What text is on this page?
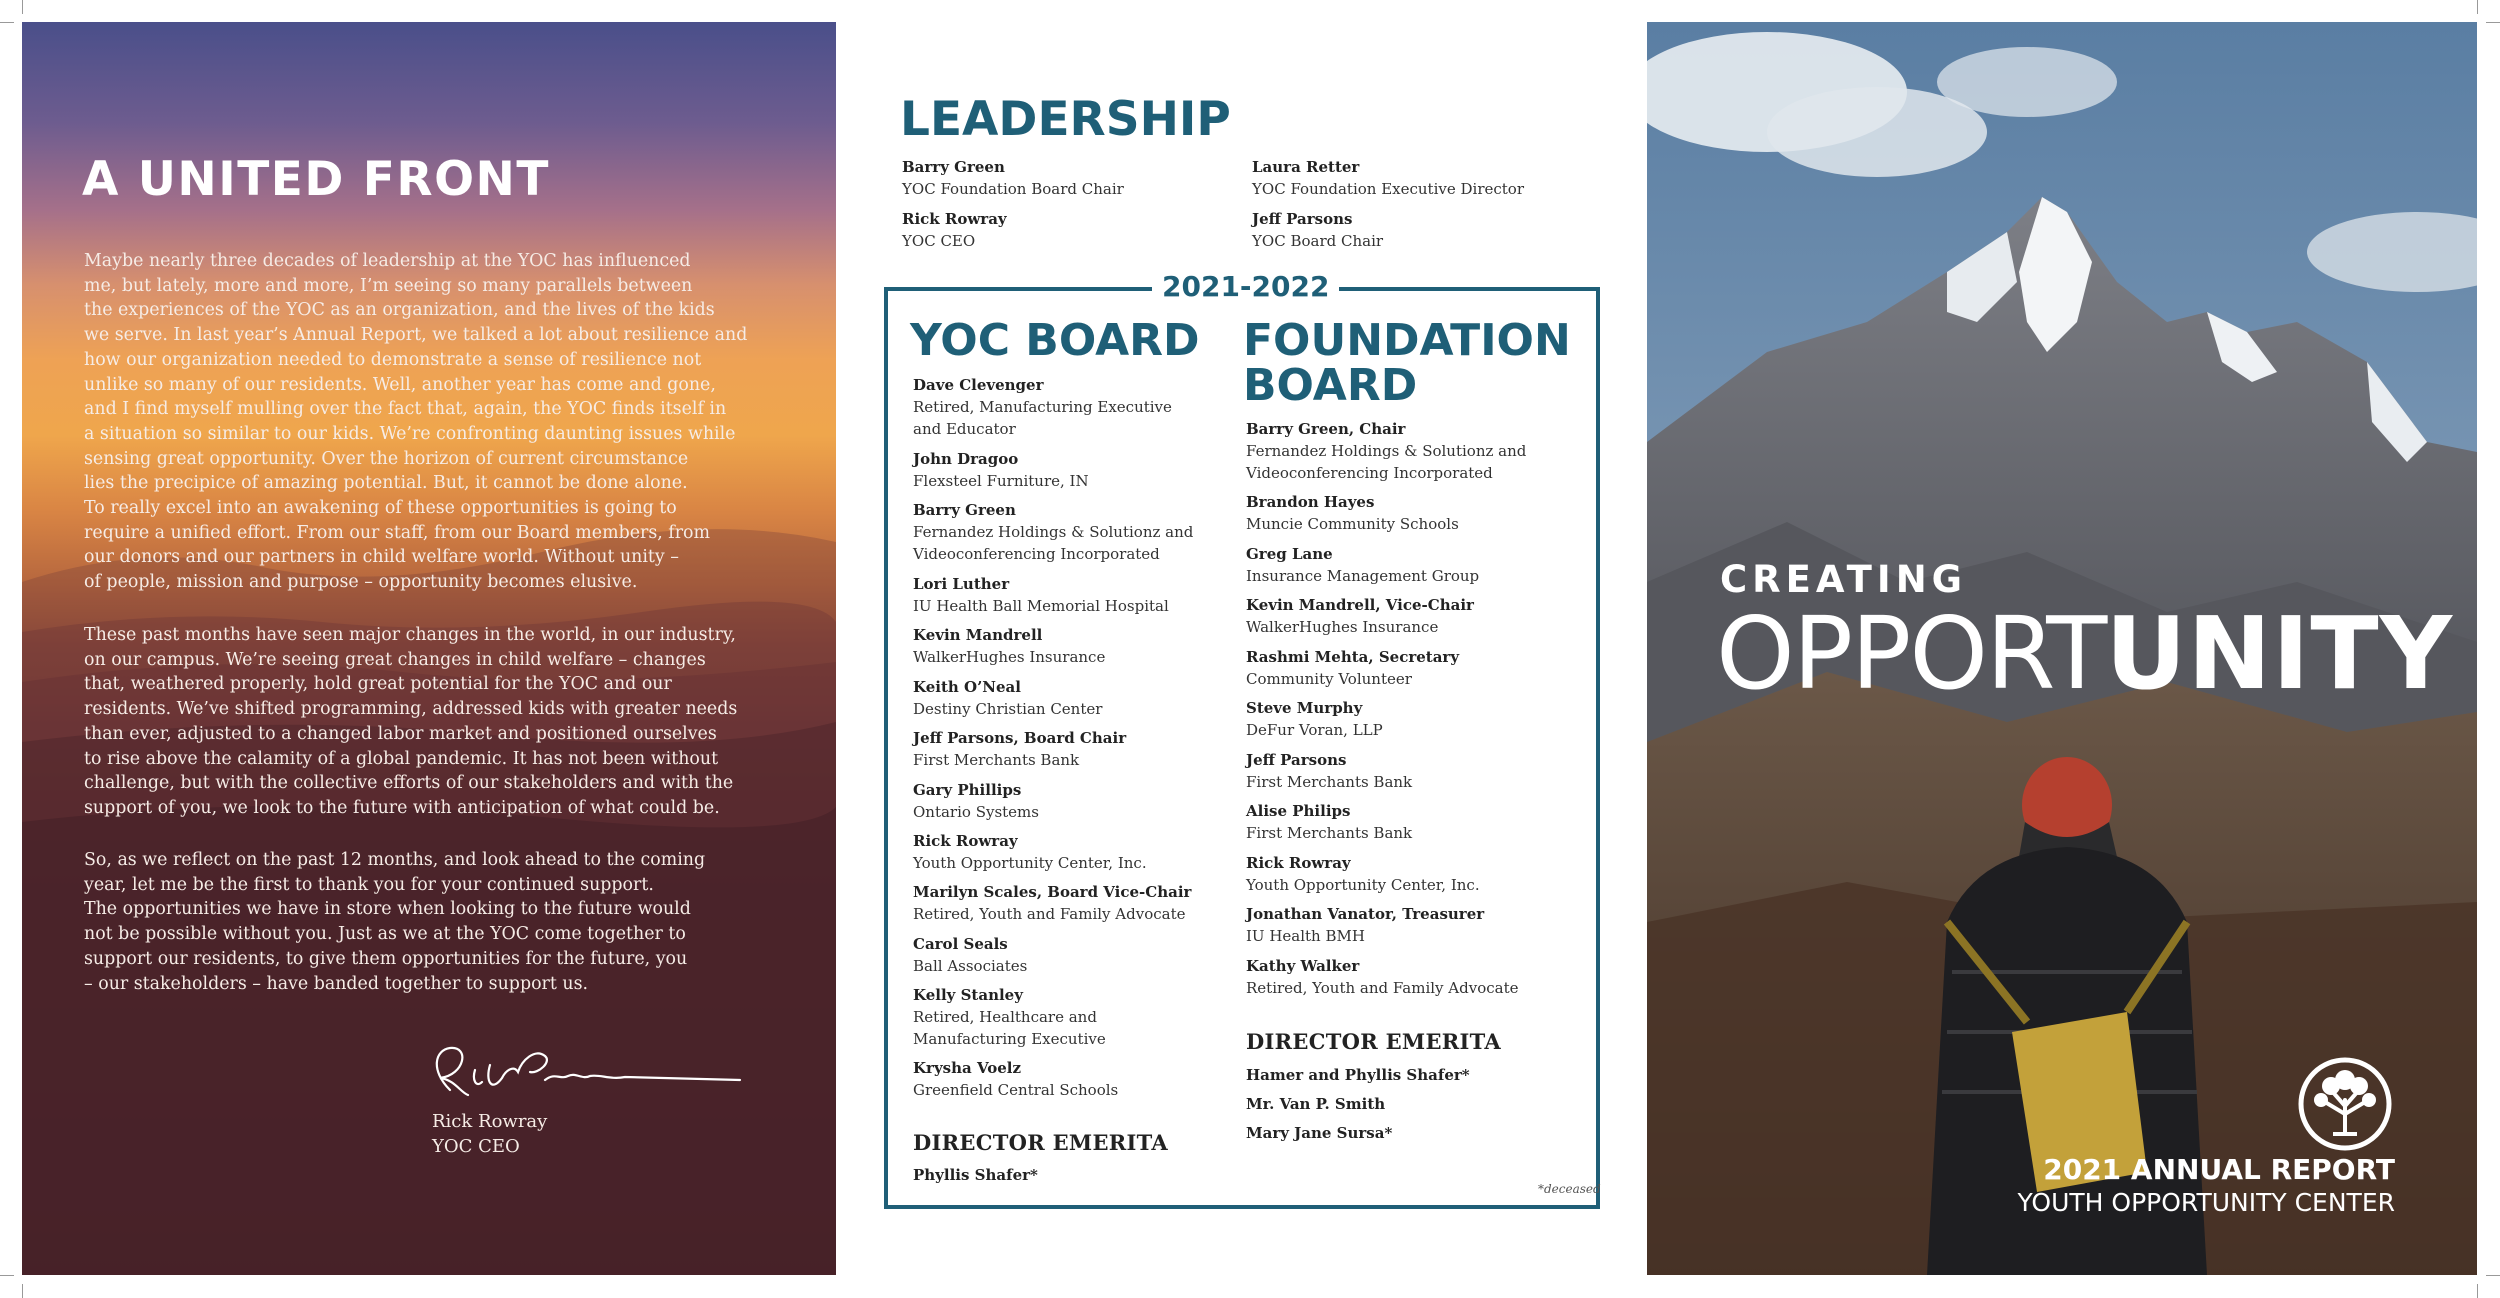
A UNITED FRONT

Maybe nearly three decades of leadership at the YOC has influenced
me, but lately, more and more, I’m seeing so many parallels between
the experiences of the YOC as an organization, and the lives of the kids
we serve. In last year’s Annual Report, we talked a lot about resilience and
how our organization needed to demonstrate a sense of resilience not
unlike so many of our residents. Well, another year has come and gone,
and I find myself mulling over the fact that, again, the YOC finds itself in
a situation so similar to our kids. We’re confronting daunting issues while
sensing great opportunity. Over the horizon of current circumstance
lies the precipice of amazing potential. But, it cannot be done alone.
To really excel into an awakening of these opportunities is going to
require a unified effort. From our staff, from our Board members, from
our donors and our partners in child welfare world. Without unity –
of people, mission and purpose – opportunity becomes elusive.

These past months have seen major changes in the world, in our industry,
on our campus. We’re seeing great changes in child welfare – changes
that, weathered properly, hold great potential for the YOC and our
residents. We’ve shifted programming, addressed kids with greater needs
than ever, adjusted to a changed labor market and positioned ourselves
to rise above the calamity of a global pandemic. It has not been without
challenge, but with the collective efforts of our stakeholders and with the
support of you, we look to the future with anticipation of what could be.

So, as we reflect on the past 12 months, and look ahead to the coming
year, let me be the first to thank you for your continued support.
The opportunities we have in store when looking to the future would
not be possible without you. Just as we at the YOC come together to
support our residents, to give them opportunities for the future, you
– our stakeholders – have banded together to support us.

Rick Rowray
YOC CEO
LEADERSHIP
Barry Green
YOC Foundation Board Chair
Rick Rowray
YOC CEO
Laura Retter
YOC Foundation Executive Director
Jeff Parsons
YOC Board Chair
2021-2022
YOC BOARD
Dave Clevenger
Retired, Manufacturing Executive
and Educator
John Dragoo
Flexsteel Furniture, IN
Barry Green
Fernandez Holdings & Solutionz and
Videoconferencing Incorporated
Lori Luther
IU Health Ball Memorial Hospital
Kevin Mandrell
WalkerHughes Insurance
Keith O’Neal
Destiny Christian Center
Jeff Parsons, Board Chair
First Merchants Bank
Gary Phillips
Ontario Systems
Rick Rowray
Youth Opportunity Center, Inc.
Marilyn Scales, Board Vice-Chair
Retired, Youth and Family Advocate
Carol Seals
Ball Associates
Kelly Stanley
Retired, Healthcare and
Manufacturing Executive
Krysha Voelz
Greenfield Central Schools
DIRECTOR EMERITA
Phyllis Shafer*
FOUNDATION
BOARD
Barry Green, Chair
Fernandez Holdings & Solutionz and
Videoconferencing Incorporated
Brandon Hayes
Muncie Community Schools
Greg Lane
Insurance Management Group
Kevin Mandrell, Vice-Chair
WalkerHughes Insurance
Rashmi Mehta, Secretary
Community Volunteer
Steve Murphy
DeFur Voran, LLP
Jeff Parsons
First Merchants Bank
Alise Philips
First Merchants Bank
Rick Rowray
Youth Opportunity Center, Inc.
Jonathan Vanator, Treasurer
IU Health BMH
Kathy Walker
Retired, Youth and Family Advocate
DIRECTOR EMERITA
Hamer and Phyllis Shafer*
Mr. Van P. Smith
Mary Jane Sursa*
*deceased
CREATING
OPPORTUNITY
2021 ANNUAL REPORT
YOUTH OPPORTUNITY CENTER
